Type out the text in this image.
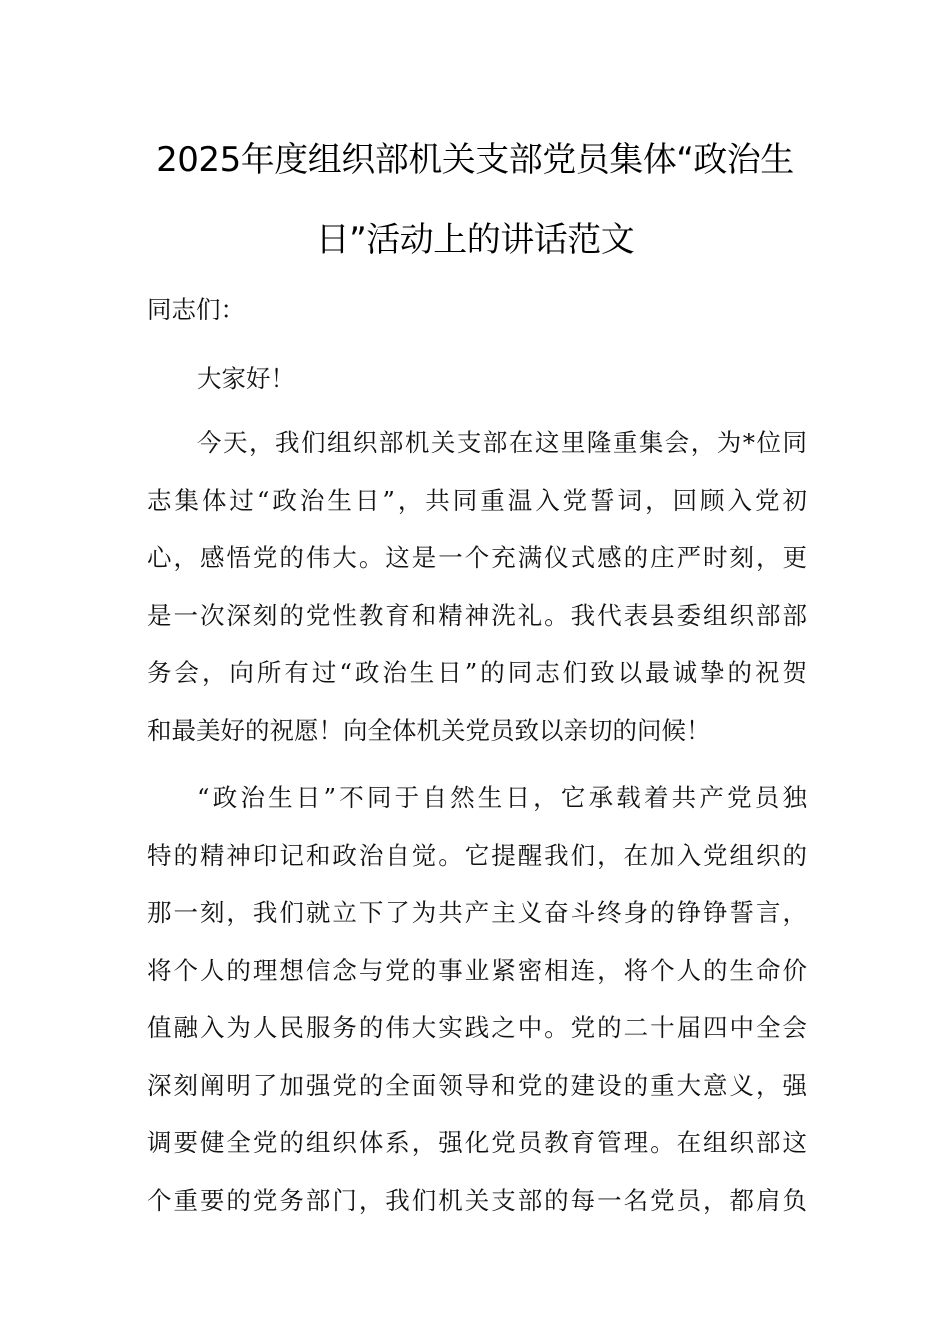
2025年度组织部机关支部党员集体“政治生
日”活动上的讲话范文
同志们：
大家好！
今天，我们组织部机关支部在这里隆重集会，为*位同
志集体过“政治生日”，共同重温入党誓词，回顾入党初
心，感悟党的伟大。这是一个充满仪式感的庄严时刻，更
是一次深刻的党性教育和精神洗礼。我代表县委组织部部
务会，向所有过“政治生日”的同志们致以最诚挚的祝贺
和最美好的祝愿！向全体机关党员致以亲切的问候！
“政治生日”不同于自然生日，它承载着共产党员独
特的精神印记和政治自觉。它提醒我们，在加入党组织的
那一刻，我们就立下了为共产主义奋斗终身的铮铮誓言，
将个人的理想信念与党的事业紧密相连，将个人的生命价
值融入为人民服务的伟大实践之中。党的二十届四中全会
深刻阐明了加强党的全面领导和党的建设的重大意义，强
调要健全党的组织体系，强化党员教育管理。在组织部这
个重要的党务部门，我们机关支部的每一名党员，都肩负
